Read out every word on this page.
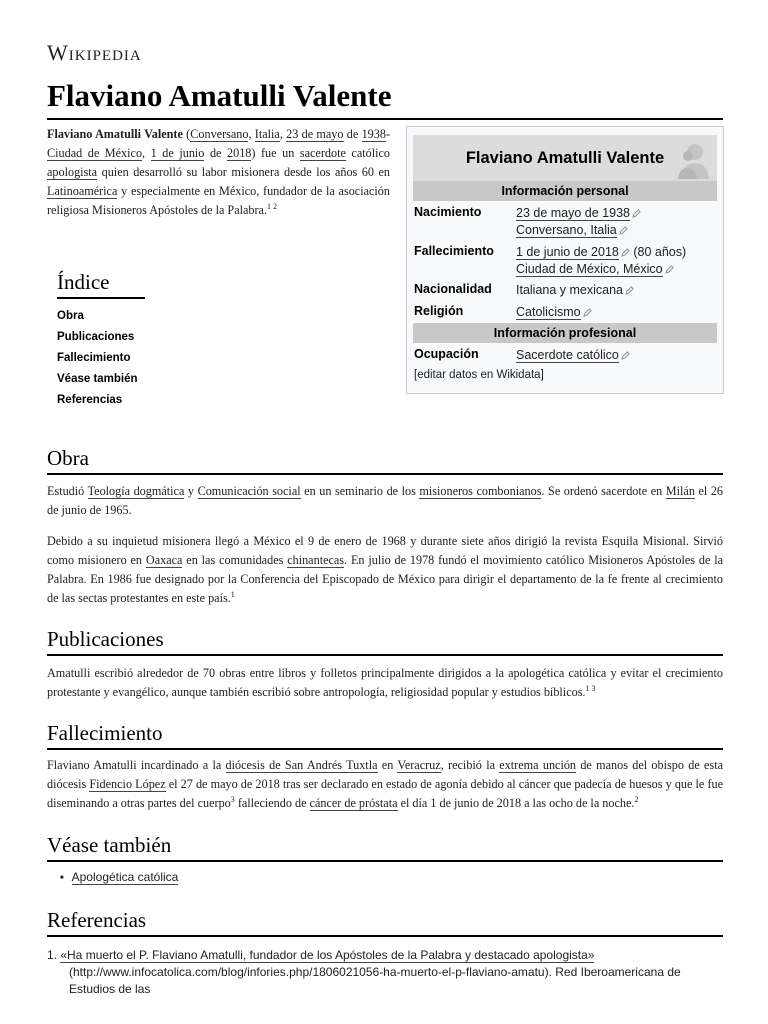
Wikipedia
Flaviano Amatulli Valente
Flaviano Amatulli Valente (Conversano, Italia, 23 de mayo de 1938-Ciudad de México, 1 de junio de 2018) fue un sacerdote católico apologista quien desarrolló su labor misionera desde los años 60 en Latinoamérica y especialmente en México, fundador de la asociación religiosa Misioneros Apóstoles de la Palabra.$^{1 2}$
Flaviano Amatulli Valente
Información personal
Nacimiento	23 de mayo de 1938
Conversano, Italia
Fallecimiento 1 de junio de 2018 (80 años)
Ciudad de México, México
Nacionalidad Italiana y mexicana
Religión	Catolicismo
Información profesional
Ocupación	Sacerdote católico
[editar datos en Wikidata]
Índice
Obra
Publicaciones
Fallecimiento
Véase también
Referencias
Obra
Estudió Teología dogmática y Comunicación social en un seminario de los misioneros combonianos. Se ordenó sacerdote en Milán el 26 de junio de 1965.
Debido a su inquietud misionera llegó a México el 9 de enero de 1968 y durante siete años dirigió la revista Esquila Misional. Sirvió como misionero en Oaxaca en las comunidades chinantecas. En julio de 1978 fundó el movimiento católico Misioneros Apóstoles de la Palabra. En 1986 fue designado por la Conferencia del Episcopado de México para dirigir el departamento de la fe frente al crecimiento de las sectas protestantes en este país.$^1$
Publicaciones
Amatulli escribió alrededor de 70 obras entre libros y folletos principalmente dirigidos a la apologética católica y evitar el crecimiento protestante y evangélico, aunque también escribió sobre antropología, religiosidad popular y estudios bíblicos.$^{1 3}$
Fallecimiento
Flaviano Amatulli incardinado a la diócesis de San Andrés Tuxtla en Veracruz, recibió la extrema unción de manos del obispo de esta diócesis Fidencio López el 27 de mayo de 2018 tras ser declarado en estado de agonía debido al cáncer que padecía de huesos y que le fue diseminando a otras partes del cuerpo$^3$ falleciendo de cáncer de próstata el día 1 de junio de 2018 a las ocho de la noche.$^2$
Véase también
■ Apologética católica
Referencias
1. «Ha muerto el P. Flaviano Amatulli, fundador de los Apóstoles de la Palabra y destacado apologista» (http://www.infocatolica.com/blog/infories.php/1806021056-ha-muerto-el-p-flaviano-amatu). Red Iberoamericana de Estudios de las
